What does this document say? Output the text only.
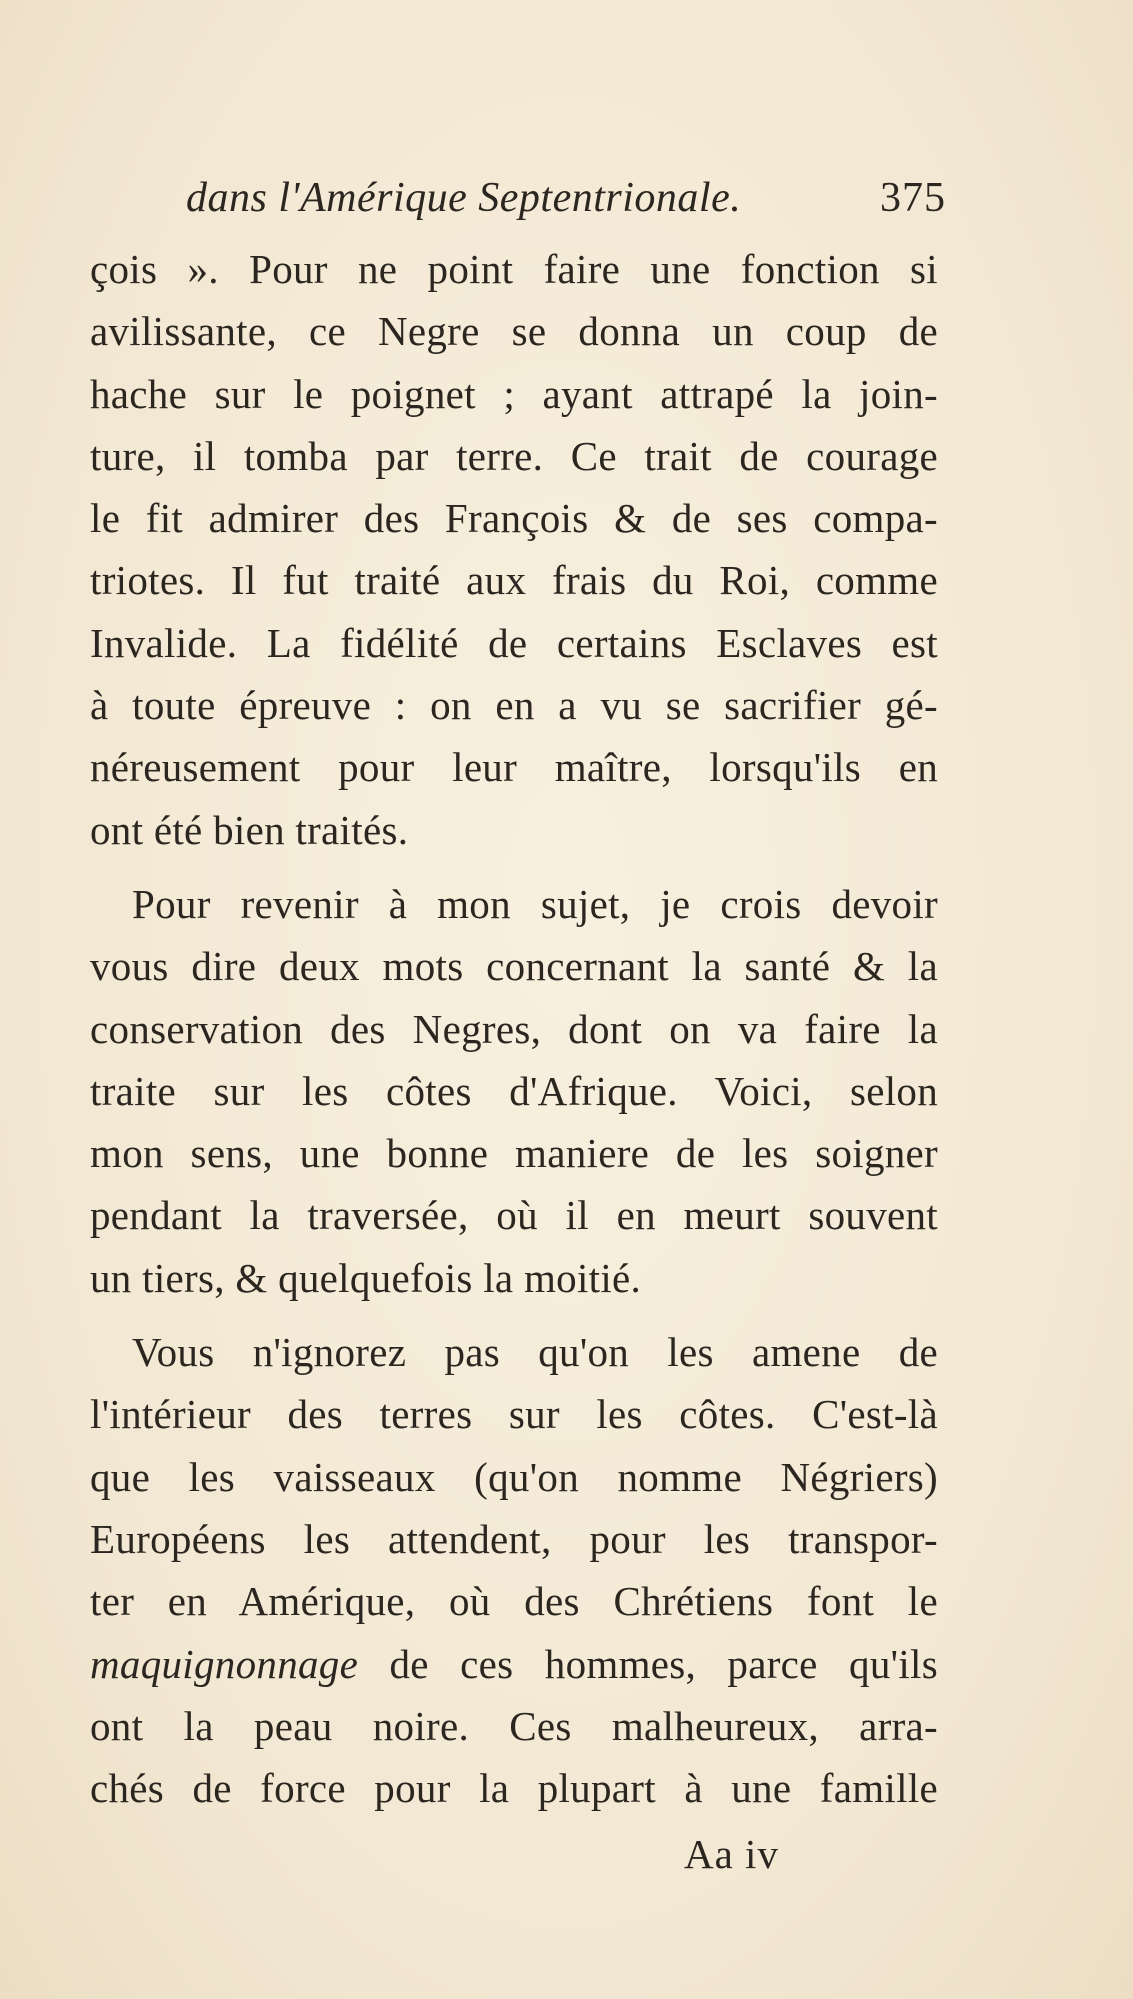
dans l'Amérique Septentrionale.	375
çois ». Pour ne point faire une fonction si
avilissante, ce Negre se donna un coup de
hache sur le poignet ; ayant attrapé la join-
ture, il tomba par terre. Ce trait de courage
le fit admirer des François & de ses compa-
triotes. Il fut traité aux frais du Roi, comme
Invalide. La fidélité de certains Esclaves est
à toute épreuve : on en a vu se sacrifier gé-
néreusement pour leur maître, lorsqu'ils en
ont été bien traités.
Pour revenir à mon sujet, je crois devoir
vous dire deux mots concernant la santé & la
conservation des Negres, dont on va faire la
traite sur les côtes d'Afrique. Voici, selon
mon sens, une bonne maniere de les soigner
pendant la traversée, où il en meurt souvent
un tiers, & quelquefois la moitié.
Vous n'ignorez pas qu'on les amene de
l'intérieur des terres sur les côtes. C'est-là
que les vaisseaux (qu'on nomme Négriers)
Européens les attendent, pour les transpor-
ter en Amérique, où des Chrétiens font le
maquignonnage de ces hommes, parce qu'ils
ont la peau noire. Ces malheureux, arra-
chés de force pour la plupart à une famille
Aa iv
